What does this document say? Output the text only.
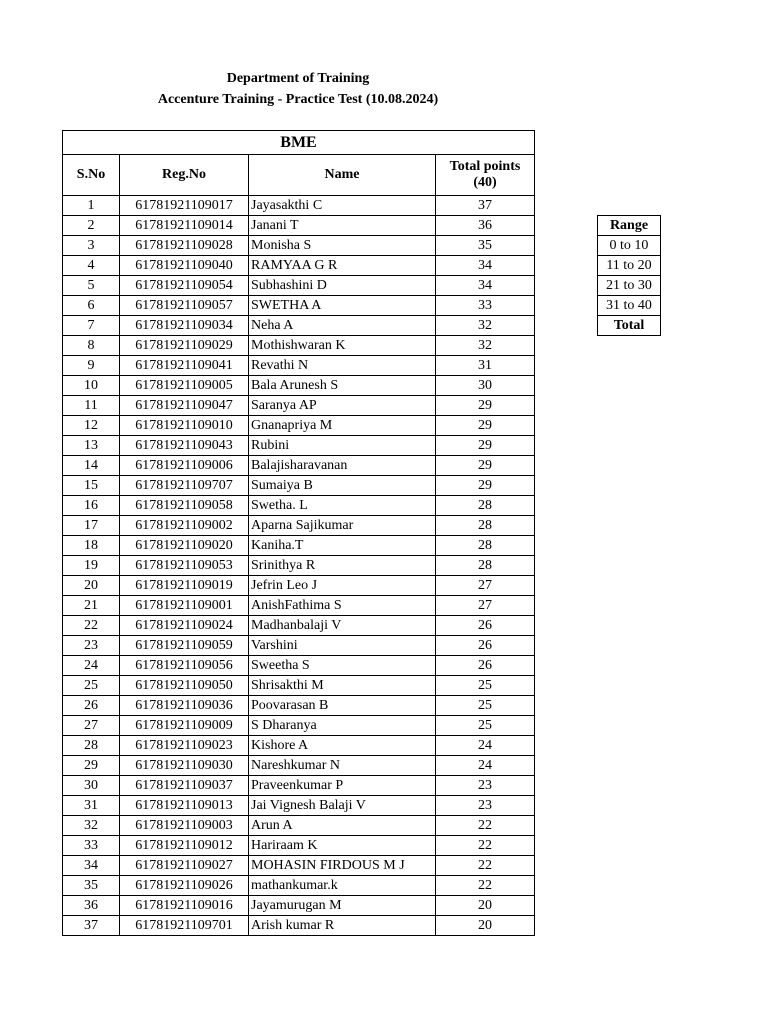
Department of Training
Accenture Training - Practice Test (10.08.2024)
BME			
S.No	Reg.No	Name	Total points
(40)
1	61781921109017	Jayasakthi C	37
2	61781921109014	Janani T	36
3	61781921109028	Monisha S	35
4	61781921109040	RAMYAA G R	34
5	61781921109054	Subhashini D	34
6	61781921109057	SWETHA A	33
7	61781921109034	Neha A	32
8	61781921109029	Mothishwaran K	32
9	61781921109041	Revathi N	31
10	61781921109005	Bala Arunesh S	30
11	61781921109047	Saranya AP	29
12	61781921109010	Gnanapriya M	29
13	61781921109043	Rubini	29
14	61781921109006	Balajisharavanan	29
15	61781921109707	Sumaiya B	29
16	61781921109058	Swetha. L	28
17	61781921109002	Aparna Sajikumar	28
18	61781921109020	Kaniha.T	28
19	61781921109053	Srinithya R	28
20	61781921109019	Jefrin Leo J	27
21	61781921109001	AnishFathima S	27
22	61781921109024	Madhanbalaji V	26
23	61781921109059	Varshini	26
24	61781921109056	Sweetha S	26
25	61781921109050	Shrisakthi M	25
26	61781921109036	Poovarasan B	25
27	61781921109009	S Dharanya	25
28	61781921109023	Kishore A	24
29	61781921109030	Nareshkumar N	24
30	61781921109037	Praveenkumar P	23
31	61781921109013	Jai Vignesh Balaji V	23
32	61781921109003	Arun A	22
33	61781921109012	Hariraam K	22
34	61781921109027	MOHASIN FIRDOUS M J	22
35	61781921109026	mathankumar.k	22
36	61781921109016	Jayamurugan M	20
37	61781921109701	Arish kumar R	20
Range
0 to 10
11 to 20
21 to 30
31 to 40
Total
